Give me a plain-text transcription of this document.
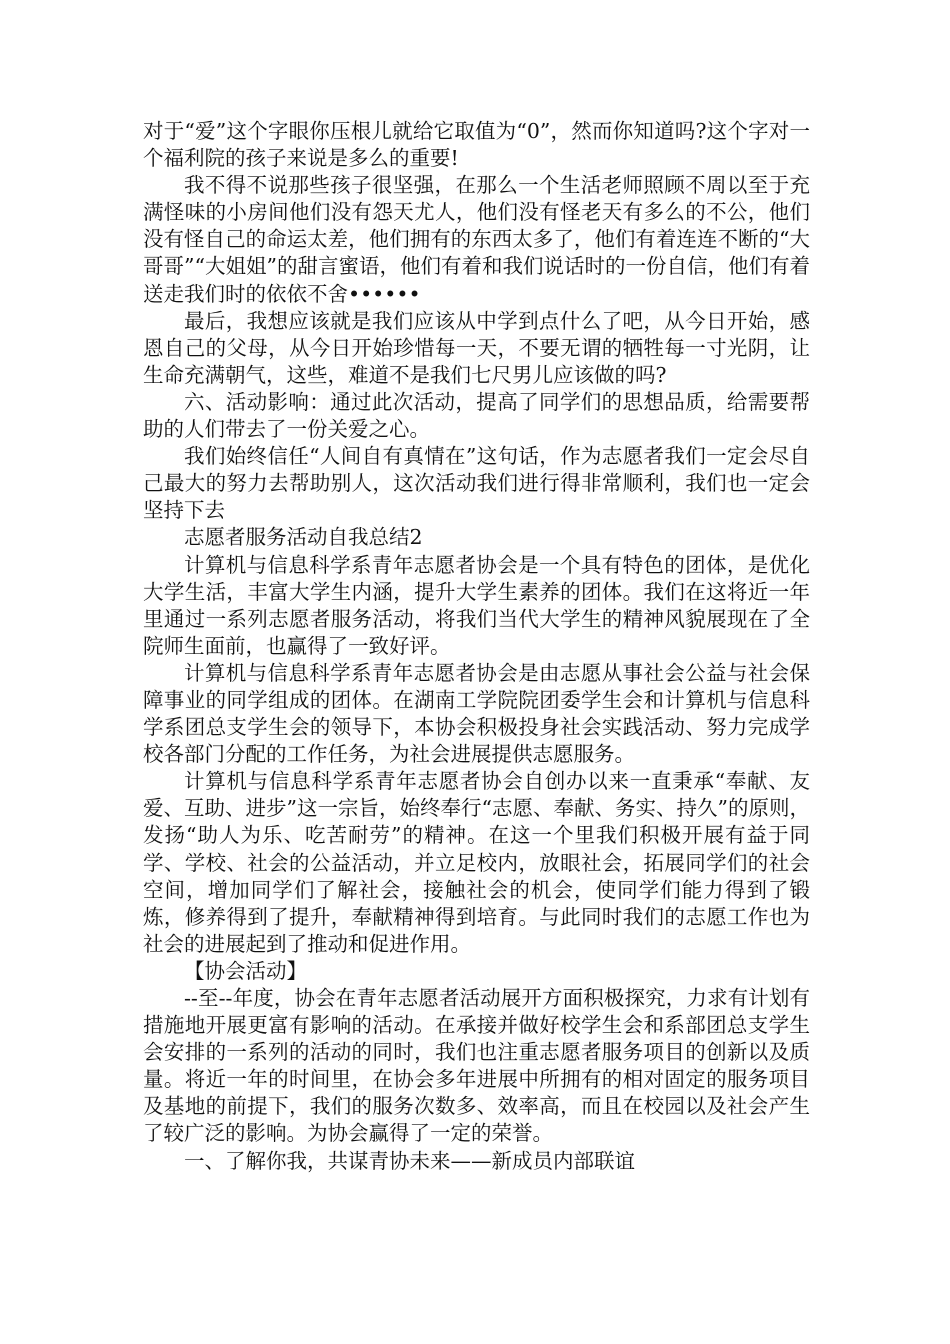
对于“爱”这个字眼你压根儿就给它取值为“0”，然而你知道吗?这个字对一个福利院的孩子来说是多么的重要!

我不得不说那些孩子很坚强，在那么一个生活老师照顾不周以至于充满怪味的小房间他们没有怨天尤人，他们没有怪老天有多么的不公，他们没有怪自己的命运太差，他们拥有的东西太多了，他们有着连连不断的“大哥哥”“大姐姐”的甜言蜜语，他们有着和我们说话时的一份自信，他们有着送走我们时的依依不舍••••••

最后，我想应该就是我们应该从中学到点什么了吧，从今日开始，感恩自己的父母，从今日开始珍惜每一天，不要无谓的牺牲每一寸光阴，让生命充满朝气，这些，难道不是我们七尺男儿应该做的吗?

六、活动影响：通过此次活动，提高了同学们的思想品质，给需要帮助的人们带去了一份关爱之心。

我们始终信任“人间自有真情在”这句话，作为志愿者我们一定会尽自己最大的努力去帮助别人，这次活动我们进行得非常顺利，我们也一定会坚持下去

志愿者服务活动自我总结2

计算机与信息科学系青年志愿者协会是一个具有特色的团体，是优化大学生活，丰富大学生内涵，提升大学生素养的团体。我们在这将近一年里通过一系列志愿者服务活动，将我们当代大学生的精神风貌展现在了全院师生面前，也赢得了一致好评。

计算机与信息科学系青年志愿者协会是由志愿从事社会公益与社会保障事业的同学组成的团体。在湖南工学院院团委学生会和计算机与信息科学系团总支学生会的领导下，本协会积极投身社会实践活动、努力完成学校各部门分配的工作任务，为社会进展提供志愿服务。

计算机与信息科学系青年志愿者协会自创办以来一直秉承“奉献、友爱、互助、进步”这一宗旨，始终奉行“志愿、奉献、务实、持久”的原则，发扬“助人为乐、吃苦耐劳”的精神。在这一个里我们积极开展有益于同学、学校、社会的公益活动，并立足校内，放眼社会，拓展同学们的社会空间，增加同学们了解社会，接触社会的机会，使同学们能力得到了锻炼，修养得到了提升，奉献精神得到培育。与此同时我们的志愿工作也为社会的进展起到了推动和促进作用。

【协会活动】

--至--年度，协会在青年志愿者活动展开方面积极探究，力求有计划有措施地开展更富有影响的活动。在承接并做好校学生会和系部团总支学生会安排的一系列的活动的同时，我们也注重志愿者服务项目的创新以及质量。将近一年的时间里，在协会多年进展中所拥有的相对固定的服务项目及基地的前提下，我们的服务次数多、效率高，而且在校园以及社会产生了较广泛的影响。为协会赢得了一定的荣誉。

一、了解你我，共谋青协未来——新成员内部联谊
